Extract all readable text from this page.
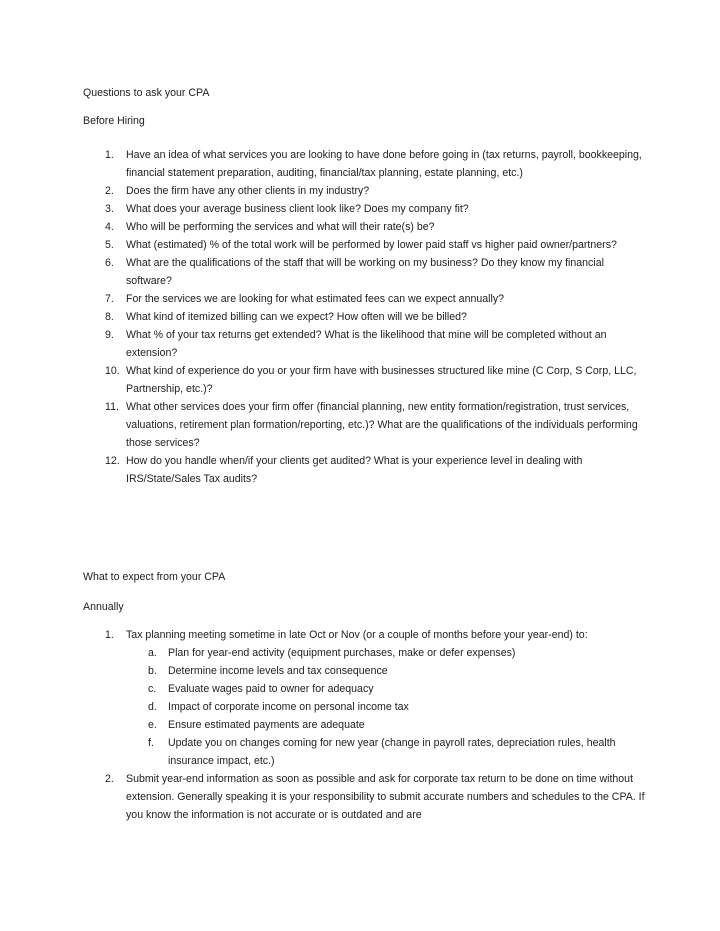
Questions to ask your CPA
Before Hiring
1. Have an idea of what services you are looking to have done before going in (tax returns, payroll, bookkeeping, financial statement preparation, auditing, financial/tax planning, estate planning, etc.)
2. Does the firm have any other clients in my industry?
3. What does your average business client look like? Does my company fit?
4. Who will be performing the services and what will their rate(s) be?
5. What (estimated) % of the total work will be performed by lower paid staff vs higher paid owner/partners?
6. What are the qualifications of the staff that will be working on my business? Do they know my financial software?
7. For the services we are looking for what estimated fees can we expect annually?
8. What kind of itemized billing can we expect? How often will we be billed?
9. What % of your tax returns get extended? What is the likelihood that mine will be completed without an extension?
10. What kind of experience do you or your firm have with businesses structured like mine (C Corp, S Corp, LLC, Partnership, etc.)?
11. What other services does your firm offer (financial planning, new entity formation/registration, trust services, valuations, retirement plan formation/reporting, etc.)? What are the qualifications of the individuals performing those services?
12. How do you handle when/if your clients get audited? What is your experience level in dealing with IRS/State/Sales Tax audits?
What to expect from your CPA
Annually
1. Tax planning meeting sometime in late Oct or Nov (or a couple of months before your year-end) to:
a. Plan for year-end activity (equipment purchases, make or defer expenses)
b. Determine income levels and tax consequence
c. Evaluate wages paid to owner for adequacy
d. Impact of corporate income on personal income tax
e. Ensure estimated payments are adequate
f. Update you on changes coming for new year (change in payroll rates, depreciation rules, health insurance impact, etc.)
2. Submit year-end information as soon as possible and ask for corporate tax return to be done on time without extension. Generally speaking it is your responsibility to submit accurate numbers and schedules to the CPA. If you know the information is not accurate or is outdated and are
